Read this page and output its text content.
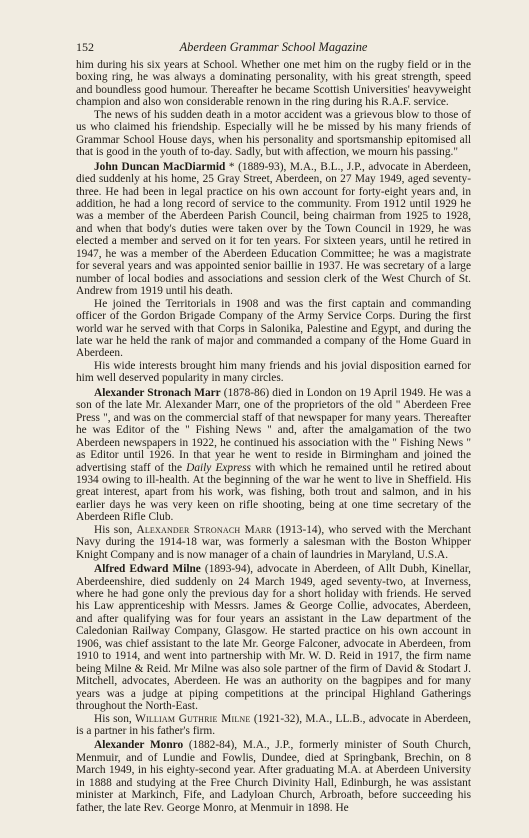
152	Aberdeen Grammar School Magazine

him during his six years at School. Whether one met him on the rugby field or in the boxing ring, he was always a dominating personality, with his great strength, speed and boundless good humour. Thereafter he became Scottish Universities' heavyweight champion and also won considerable renown in the ring during his R.A.F. service.

The news of his sudden death in a motor accident was a grievous blow to those of us who claimed his friendship. Especially will he be missed by his many friends of Grammar School House days, when his personality and sportsmanship epitomised all that is good in the youth of to-day. Sadly, but with affection, we mourn his passing."

John Duncan MacDiarmid * (1889-93), M.A., B.L., J.P., advocate in Aberdeen, died suddenly at his home, 25 Gray Street, Aberdeen, on 27 May 1949, aged seventy-three. He had been in legal practice on his own account for forty-eight years and, in addition, he had a long record of service to the community. From 1912 until 1929 he was a member of the Aberdeen Parish Council, being chairman from 1925 to 1928, and when that body's duties were taken over by the Town Council in 1929, he was elected a member and served on it for ten years. For sixteen years, until he retired in 1947, he was a member of the Aberdeen Education Committee; he was a magistrate for several years and was appointed senior baillie in 1937. He was secretary of a large number of local bodies and associations and session clerk of the West Church of St. Andrew from 1919 until his death.

He joined the Territorials in 1908 and was the first captain and commanding officer of the Gordon Brigade Company of the Army Service Corps. During the first world war he served with that Corps in Salonika, Palestine and Egypt, and during the late war he held the rank of major and commanded a company of the Home Guard in Aberdeen.

His wide interests brought him many friends and his jovial disposition earned for him well deserved popularity in many circles.

Alexander Stronach Marr (1878-86) died in London on 19 April 1949. He was a son of the late Mr. Alexander Marr, one of the proprietors of the old " Aberdeen Free Press ", and was on the commercial staff of that newspaper for many years. Thereafter he was Editor of the " Fishing News " and, after the amalgamation of the two Aberdeen newspapers in 1922, he continued his association with the " Fishing News " as Editor until 1926. In that year he went to reside in Birmingham and joined the advertising staff of the Daily Express with which he remained until he retired about 1934 owing to ill-health. At the beginning of the war he went to live in Sheffield. His great interest, apart from his work, was fishing, both trout and salmon, and in his earlier days he was very keen on rifle shooting, being at one time secretary of the Aberdeen Rifle Club.

His son, Alexander Stronach Marr (1913-14), who served with the Merchant Navy during the 1914-18 war, was formerly a salesman with the Boston Whipper Knight Company and is now manager of a chain of laundries in Maryland, U.S.A.

Alfred Edward Milne (1893-94), advocate in Aberdeen, of Allt Dubh, Kinellar, Aberdeenshire, died suddenly on 24 March 1949, aged seventy-two, at Inverness, where he had gone only the previous day for a short holiday with friends. He served his Law apprenticeship with Messrs. James & George Collie, advocates, Aberdeen, and after qualifying was for four years an assistant in the Law department of the Caledonian Railway Company, Glasgow. He started practice on his own account in 1906, was chief assistant to the late Mr. George Falconer, advocate in Aberdeen, from 1910 to 1914, and went into partnership with Mr. W. D. Reid in 1917, the firm name being Milne & Reid. Mr Milne was also sole partner of the firm of David & Stodart J. Mitchell, advocates, Aberdeen. He was an authority on the bagpipes and for many years was a judge at piping competitions at the principal Highland Gatherings throughout the North-East.

His son, William Guthrie Milne (1921-32), M.A., LL.B., advocate in Aberdeen, is a partner in his father's firm.

Alexander Monro (1882-84), M.A., J.P., formerly minister of South Church, Menmuir, and of Lundie and Fowlis, Dundee, died at Springbank, Brechin, on 8 March 1949, in his eighty-second year. After graduating M.A. at Aberdeen University in 1888 and studying at the Free Church Divinity Hall, Edinburgh, he was assistant minister at Markinch, Fife, and Ladyloan Church, Arbroath, before succeeding his father, the late Rev. George Monro, at Menmuir in 1898. He
